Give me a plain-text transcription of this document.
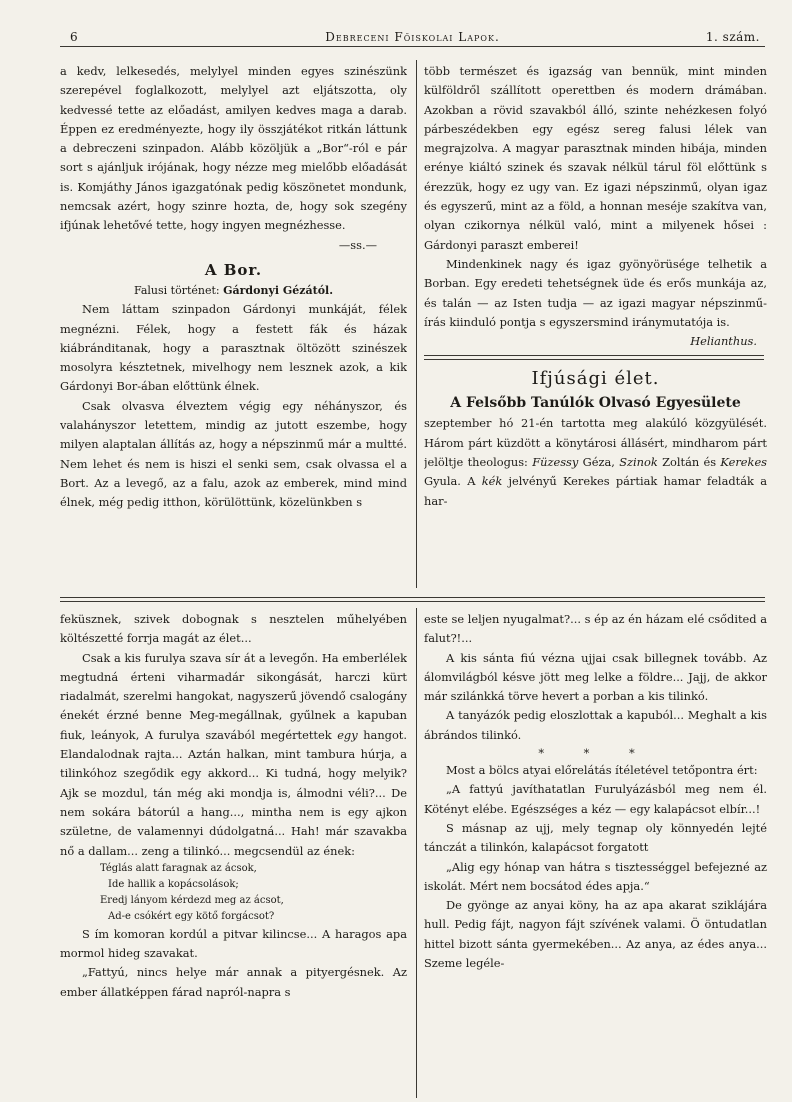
6	Debreceni Főiskolai Lapok.	1. szám.

a kedv, lelkesedés, melylyel minden egyes szinészünk szerepével foglalkozott, melylyel azt eljátszotta, oly kedvessé tette az előadást, amilyen kedves maga a darab. Éppen ez eredményezte, hogy ily összjátékot ritkán láttunk a debreczeni szinpadon. Alább közöljük a „Bor“-ról e pár sort s ajánljuk irójának, hogy nézze meg mielőbb előadását is. Komjáthy János igazgatónak pedig köszönetet mondunk, nemcsak azért, hogy szinre hozta, de, hogy sok szegény ifjúnak lehetővé tette, hogy ingyen megnézhesse.

—ss.—

A Bor.
Falusi történet: Gárdonyi Gézától.

Nem láttam szinpadon Gárdonyi munkáját, félek megnézni. Félek, hogy a festett fák és házak kiábránditanak, hogy a parasztnak öltözött szinészek mosolyra késztetnek, mivelhogy nem lesznek azok, a kik Gárdonyi Bor-ában előttünk élnek.

Csak olvasva élveztem végig egy néhányszor, és valahányszor letettem, mindig az jutott eszembe, hogy milyen alaptalan állítás az, hogy a népszinmű már a multté. Nem lehet és nem is hiszi el senki sem, csak olvassa el a Bort. Az a levegő, az a falu, azok az emberek, mind mind élnek, még pedig itthon, körülöttünk, közelünkben s

több természet és igazság van bennük, mint minden külföldről szállított operettben és modern drámában. Azokban a rövid szavakból álló, szinte nehézkesen folyó párbeszédekben egy egész sereg falusi lélek van megrajzolva. A magyar parasztnak minden hibája, minden erénye kiáltó szinek és szavak nélkül tárul föl előttünk s érezzük, hogy ez ugy van. Ez igazi népszinmű, olyan igaz és egyszerű, mint az a föld, a honnan meséje szakítva van, olyan czikornya nélkül való, mint a milyenek hősei : Gárdonyi paraszt emberei!

Mindenkinek nagy és igaz gyönyörüsége telhetik a Borban. Egy eredeti tehetségnek üde és erős munkája az, és talán — az Isten tudja — az igazi magyar népszinmű-írás kiinduló pontja s egyszersmind iránymutatója is.

Helianthus.

Ifjúsági élet.
A Felsőbb Tanúlók Olvasó Egyesülete

szeptember hó 21-én tartotta meg alakúló közgyülését. Három párt küzdött a könytárosi állásért, mindharom párt jelöltje theologus: Füzessy Géza, Szinok Zoltán és Kerekes Gyula. A kék jelvényű Kerekes pártiak hamar feladták a har-

feküsznek, szivek dobognak s nesztelen műhelyében költészetté forrja magát az élet...

Csak a kis furulya szava sír át a levegőn. Ha emberlélek megtudná érteni viharmadár sikongását, harczi kürt riadalmát, szerelmi hangokat, nagyszerű jövendő csalogány énekét érzné benne Meg-megállnak, gyűlnek a kapuban fiuk, leányok, A furulya szavából megértettek egy hangot. Elandalodnak rajta... Aztán halkan, mint tambura húrja, a tilinkóhoz szegődik egy akkord... Ki tudná, hogy melyik? Ajk se mozdul, tán még aki mondja is, álmodni véli?... De nem sokára bátorúl a hang..., mintha nem is egy ajkon születne, de valamennyi dúdolgatná... Hah! már szavakba nő a dallam... zeng a tilinkó... megcsendül az ének:

Téglás alatt faragnak az ácsok,

Ide hallik a kopácsolások;

Eredj lányom kérdezd meg az ácsot,

Ad-e csókért egy kötő forgácsot?

S ím komoran kordúl a pitvar kilincse... A haragos apa mormol hideg szavakat.

„Fattyú, nincs helye már annak a pityergésnek. Az ember állatképpen fárad napról-napra s

este se leljen nyugalmat?... s ép az én házam elé csődited a falut?!...

A kis sánta fiú vézna ujjai csak billegnek tovább. Az álomvilágból késve jött meg lelke a földre... Jajj, de akkor már szilánkká törve hevert a porban a kis tilinkó.

A tanyázók pedig eloszlottak a kapuból... Meghalt a kis ábrándos tilinkó.

* * *

Most a bölcs atyai előrelátás ítéletével tetőpontra ért:

„A fattyú javíthatatlan Furulyázásból meg nem él. Kötényt elébe. Egészséges a kéz — egy kalapácsot elbír...!

S másnap az ujj, mely tegnap oly könnyedén lejté tánczát a tilinkón, kalapácsot forgatott

„Alig egy hónap van hátra s tisztességgel befejezné az iskolát. Mért nem bocsátod édes apja.“

De gyönge az anyai köny, ha az apa akarat sziklájára hull. Pedig fájt, nagyon fájt szívének valami. Ö öntudatlan hittel bizott sánta gyermekében... Az anya, az édes anya... Szeme legéle-
